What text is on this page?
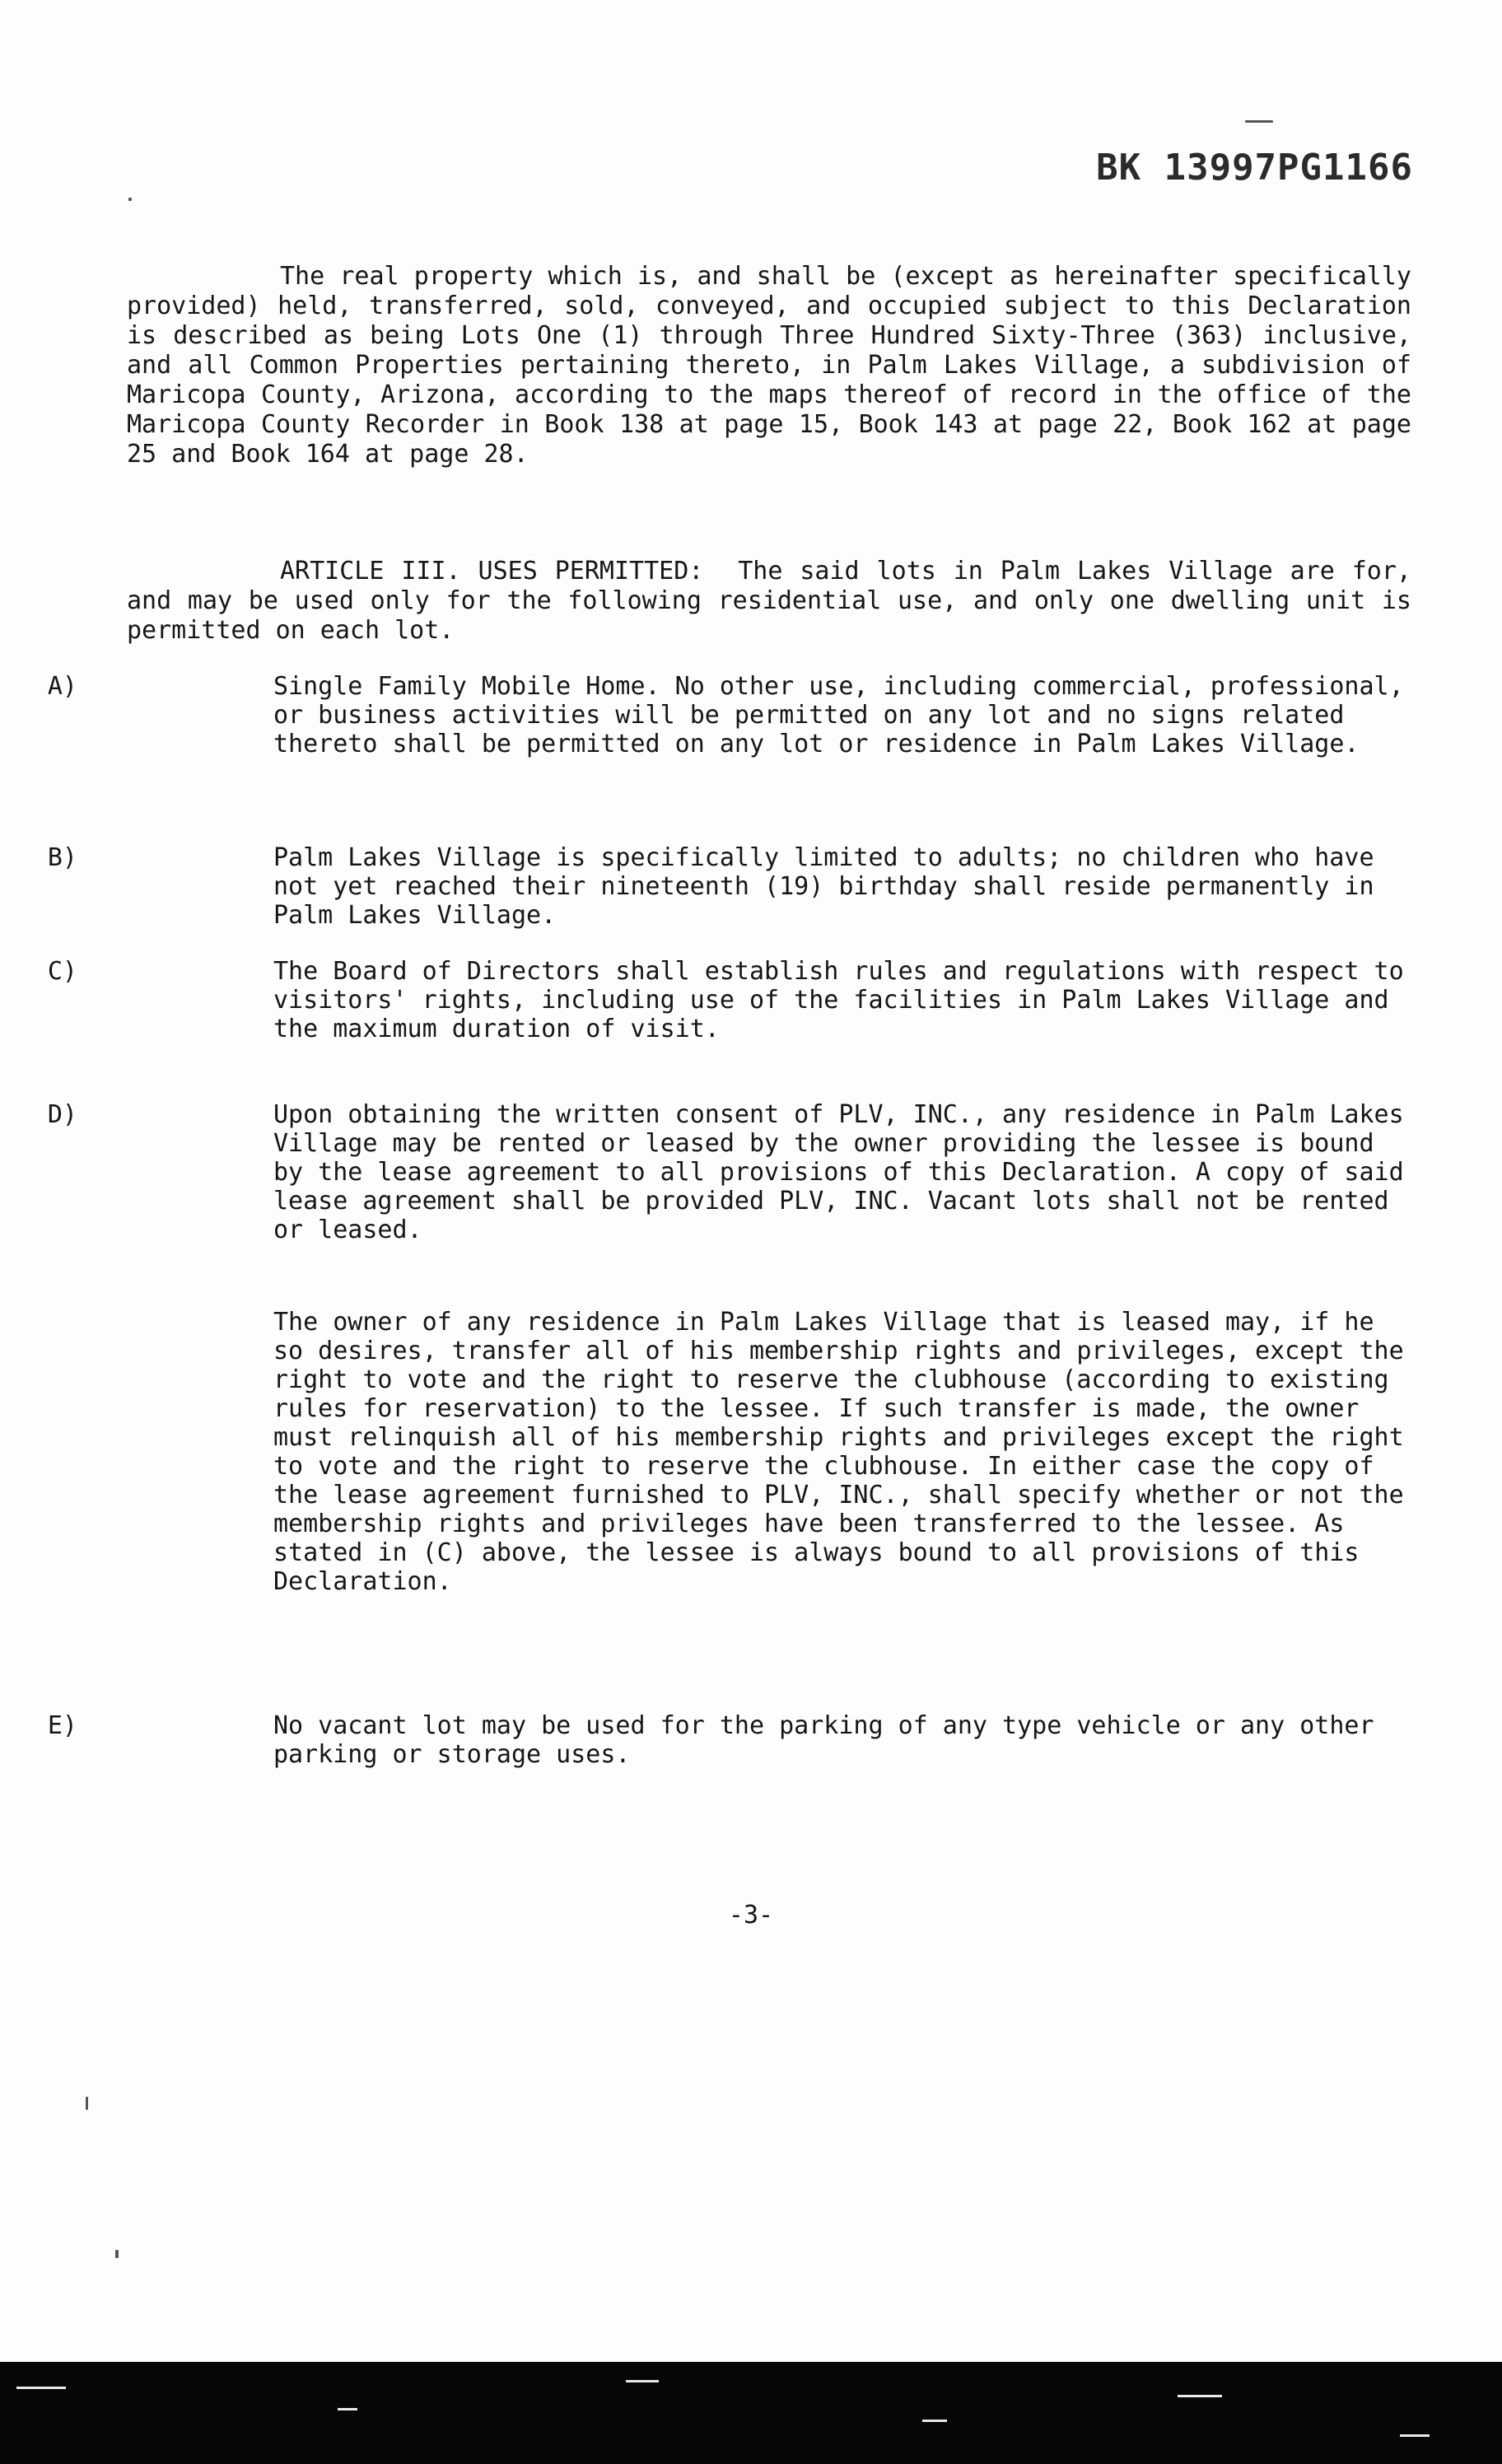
BK 13997PG1166

The real property which is, and shall be (except as hereinafter specifically provided) held, transferred, sold, conveyed, and occupied subject to this Declaration is described as being Lots One (1) through Three Hundred Sixty-Three (363) inclusive, and all Common Properties pertaining thereto, in Palm Lakes Village, a subdivision of Maricopa County, Arizona, according to the maps thereof of record in the office of the Maricopa County Recorder in Book 138 at page 15, Book 143 at page 22, Book 162 at page 25 and Book 164 at page 28.

ARTICLE III. USES PERMITTED: The said lots in Palm Lakes Village are for, and may be used only for the following residential use, and only one dwelling unit is permitted on each lot.

A)	Single Family Mobile Home. No other use, including commercial, professional, or business activities will be permitted on any lot and no signs related thereto shall be permitted on any lot or residence in Palm Lakes Village.

B)	Palm Lakes Village is specifically limited to adults; no children who have not yet reached their nineteenth (19) birthday shall reside permanently in Palm Lakes Village.

C)	The Board of Directors shall establish rules and regulations with respect to visitors' rights, including use of the facilities in Palm Lakes Village and the maximum duration of visit.

D)	Upon obtaining the written consent of PLV, INC., any residence in Palm Lakes Village may be rented or leased by the owner providing the lessee is bound by the lease agreement to all provisions of this Declaration. A copy of said lease agreement shall be provided PLV, INC. Vacant lots shall not be rented or leased.

The owner of any residence in Palm Lakes Village that is leased may, if he so desires, transfer all of his membership rights and privileges, except the right to vote and the right to reserve the clubhouse (according to existing rules for reservation) to the lessee. If such transfer is made, the owner must relinquish all of his membership rights and privileges except the right to vote and the right to reserve the clubhouse. In either case the copy of the lease agreement furnished to PLV, INC., shall specify whether or not the membership rights and privileges have been transferred to the lessee. As stated in (C) above, the lessee is always bound to all provisions of this Declaration.

E)	No vacant lot may be used for the parking of any type vehicle or any other parking or storage uses.

-3-
